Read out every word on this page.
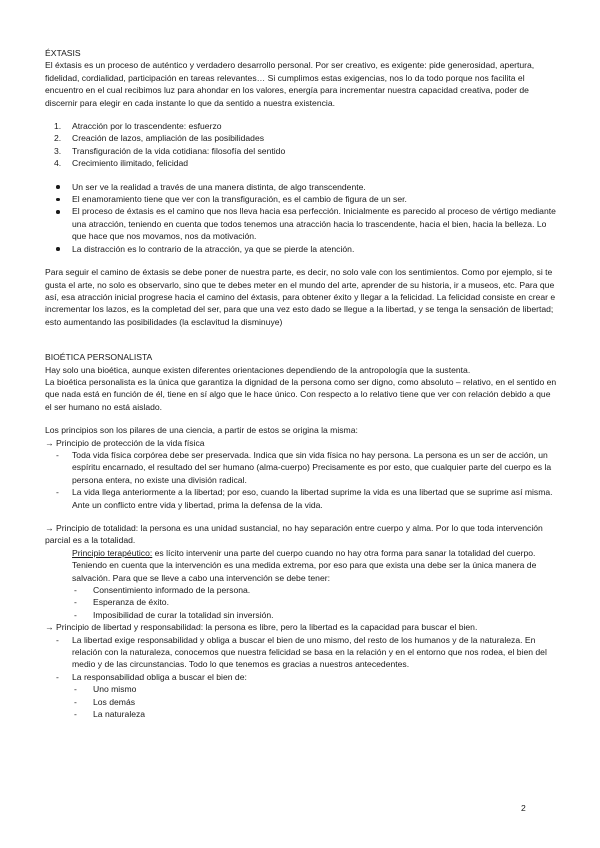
ÉXTASIS

El éxtasis es un proceso de auténtico y verdadero desarrollo personal. Por ser creativo, es exigente: pide generosidad, apertura, fidelidad, cordialidad, participación en tareas relevantes… Si cumplimos estas exigencias, nos lo da todo porque nos facilita el encuentro en el cual recibimos luz para ahondar en los valores, energía para incrementar nuestra capacidad creativa, poder de discernir para elegir en cada instante lo que da sentido a nuestra existencia.

1. Atracción por lo trascendente: esfuerzo
2. Creación de lazos, ampliación de las posibilidades
3. Transfiguración de la vida cotidiana: filosofía del sentido
4. Crecimiento ilimitado, felicidad
Un ser ve la realidad a través de una manera distinta, de algo transcendente.
El enamoramiento tiene que ver con la transfiguración, es el cambio de figura de un ser.
El proceso de éxtasis es el camino que nos lleva hacia esa perfección. Inicialmente es parecido al proceso de vértigo mediante una atracción, teniendo en cuenta que todos tenemos una atracción hacia lo trascendente, hacia el bien, hacia la belleza. Lo que hace que nos movamos, nos da motivación.
La distracción es lo contrario de la atracción, ya que se pierde la atención.

Para seguir el camino de éxtasis se debe poner de nuestra parte, es decir, no solo vale con los sentimientos. Como por ejemplo, si te gusta el arte, no solo es observarlo, sino que te debes meter en el mundo del arte, aprender de su historia, ir a museos, etc. Para que así, esa atracción inicial progrese hacia el camino del éxtasis, para obtener éxito y llegar a la felicidad. La felicidad consiste en crear e incrementar los lazos, es la completad del ser, para que una vez esto dado se llegue a la libertad, y se tenga la sensación de libertad; esto aumentando las posibilidades (la esclavitud la disminuye)

BIOÉTICA PERSONALISTA

Hay solo una bioética, aunque existen diferentes orientaciones dependiendo de la antropología que la sustenta.

La bioética personalista es la única que garantiza la dignidad de la persona como ser digno, como absoluto – relativo, en el sentido en que nada está en función de él, tiene en sí algo que le hace único. Con respecto a lo relativo tiene que ver con relación debido a que el ser humano no está aislado.

Los principios son los pilares de una ciencia, a partir de estos se origina la misma:

→ Principio de protección de la vida física

- Toda vida física corpórea debe ser preservada. Indica que sin vida física no hay persona. La persona es un ser de acción, un espíritu encarnado, el resultado del ser humano (alma-cuerpo) Precisamente es por esto, que cualquier parte del cuerpo es la persona entera, no existe una división radical.
- La vida llega anteriormente a la libertad; por eso, cuando la libertad suprime la vida es una libertad que se suprime así misma. Ante un conflicto entre vida y libertad, prima la defensa de la vida.

→ Principio de totalidad: la persona es una unidad sustancial, no hay separación entre cuerpo y alma. Por lo que toda intervención parcial es a la totalidad.

Principio terapéutico: es lícito intervenir una parte del cuerpo cuando no hay otra forma para sanar la totalidad del cuerpo. Teniendo en cuenta que la intervención es una medida extrema, por eso para que exista una debe ser la única manera de salvación. Para que se lleve a cabo una intervención se debe tener:

- Consentimiento informado de la persona.
- Esperanza de éxito.
- Imposibilidad de curar la totalidad sin inversión.

→ Principio de libertad y responsabilidad: la persona es libre, pero la libertad es la capacidad para buscar el bien.

- La libertad exige responsabilidad y obliga a buscar el bien de uno mismo, del resto de los humanos y de la naturaleza. En relación con la naturaleza, conocemos que nuestra felicidad se basa en la relación y en el entorno que nos rodea, el bien del medio y de las circunstancias. Todo lo que tenemos es gracias a nuestros antecedentes.
- La responsabilidad obliga a buscar el bien de:
- Uno mismo
- Los demás
- La naturaleza
2
